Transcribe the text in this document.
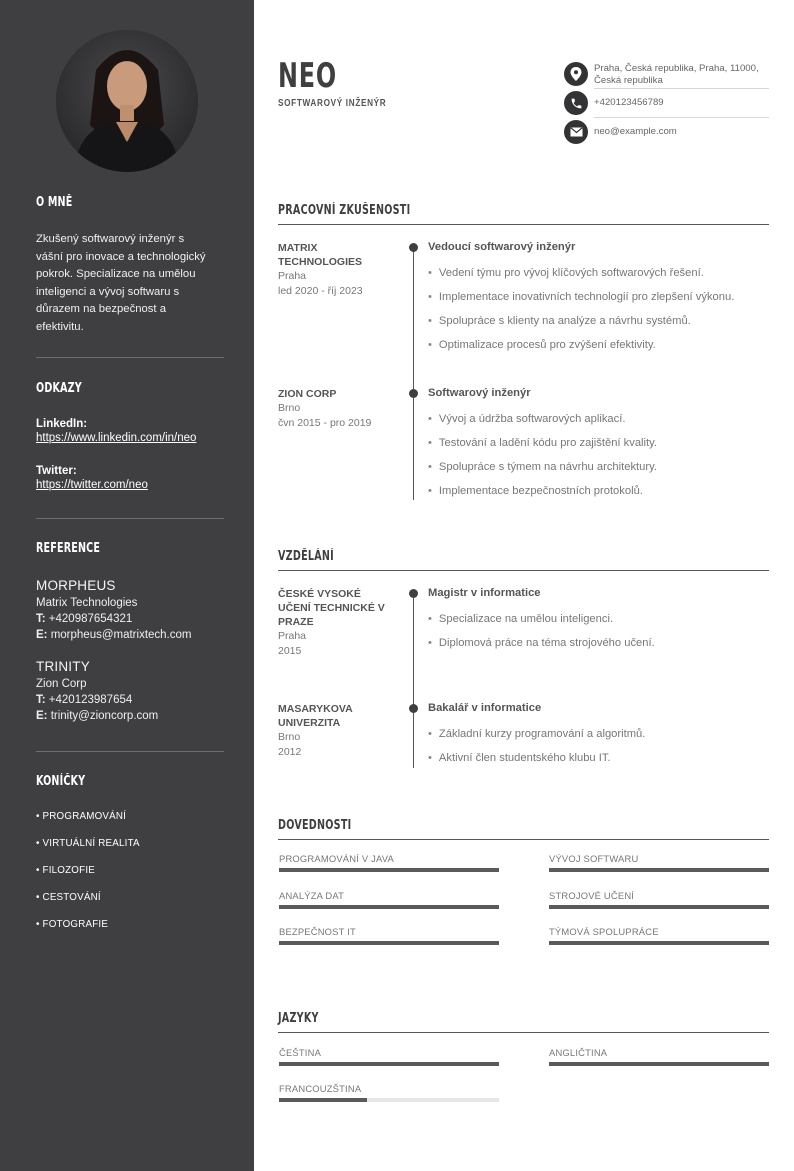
O MNĚ
Zkušený softwarový inženýr s
vášní pro inovace a technologický
pokrok. Specializace na umělou
inteligenci a vývoj softwaru s
důrazem na bezpečnost a
efektivitu.
ODKAZY
LinkedIn:
https://www.linkedin.com/in/neo
Twitter:
https://twitter.com/neo
REFERENCE
MORPHEUS
Matrix Technologies
T: +420987654321
E: morpheus@matrixtech.com
TRINITY
Zion Corp
T: +420123987654
E: trinity@zioncorp.com
KONÍČKY
• PROGRAMOVÁNÍ
• VIRTUÁLNÍ REALITA
• FILOZOFIE
• CESTOVÁNÍ
• FOTOGRAFIE
NEO
SOFTWAROVÝ INŽENÝR
Praha, Česká republika, Praha, 11000,
Česká republika
+420123456789
neo@example.com
PRACOVNÍ ZKUŠENOSTI
MATRIX
TECHNOLOGIES
Praha
led 2020 - říj 2023
Vedoucí softwarový inženýr
• Vedení týmu pro vývoj klíčových softwarových řešení.
• Implementace inovativních technologií pro zlepšení výkonu.
• Spolupráce s klienty na analýze a návrhu systémů.
• Optimalizace procesů pro zvýšení efektivity.
ZION CORP
Brno
čvn 2015 - pro 2019
Softwarový inženýr
• Vývoj a údržba softwarových aplikací.
• Testování a ladění kódu pro zajištění kvality.
• Spolupráce s týmem na návrhu architektury.
• Implementace bezpečnostních protokolů.
VZDĚLÁNÍ
ČESKÉ VYSOKÉ
UČENÍ TECHNICKÉ V
PRAZE
Praha
2015
Magistr v informatice
• Specializace na umělou inteligenci.
• Diplomová práce na téma strojového učení.
MASARYKOVA
UNIVERZITA
Brno
2012
Bakalář v informatice
• Základní kurzy programování a algoritmů.
• Aktivní člen studentského klubu IT.
DOVEDNOSTI
PROGRAMOVÁNÍ V JAVA	VÝVOJ SOFTWARU
ANALÝZA DAT	STROJOVÉ UČENÍ
BEZPEČNOST IT	TÝMOVÁ SPOLUPRÁCE
JAZYKY
ČEŠTINA	ANGLIČTINA
FRANCOUZŠTINA
